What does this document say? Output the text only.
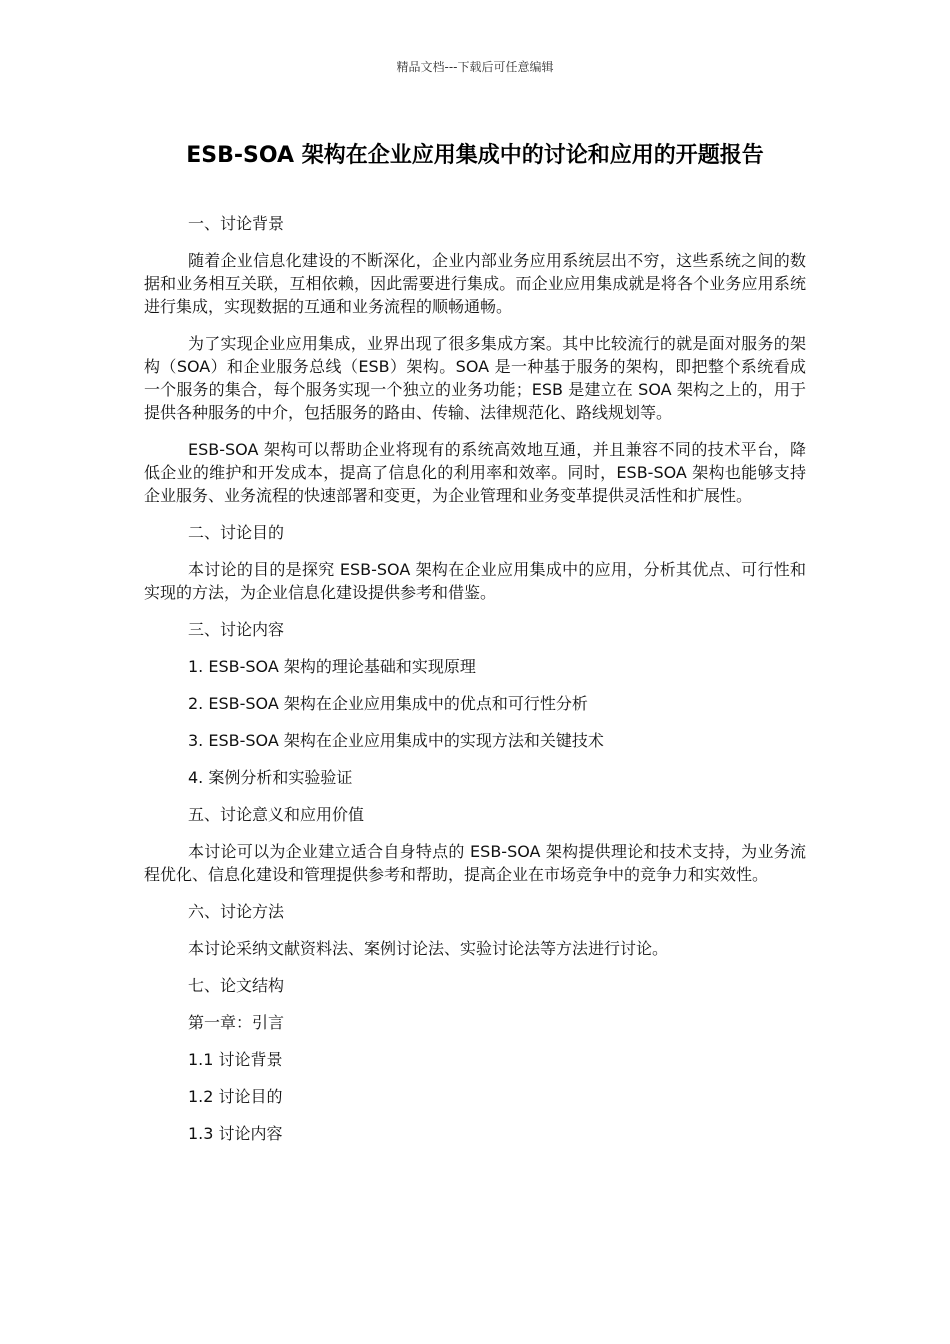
精品文档---下载后可任意编辑
ESB-SOA 架构在企业应用集成中的讨论和应用的开题报告

一、讨论背景

随着企业信息化建设的不断深化，企业内部业务应用系统层出不穷，这些系统之间的数据和业务相互关联，互相依赖，因此需要进行集成。而企业应用集成就是将各个业务应用系统进行集成，实现数据的互通和业务流程的顺畅通畅。

为了实现企业应用集成，业界出现了很多集成方案。其中比较流行的就是面对服务的架构（SOA）和企业服务总线（ESB）架构。SOA 是一种基于服务的架构，即把整个系统看成一个服务的集合，每个服务实现一个独立的业务功能；ESB 是建立在 SOA 架构之上的，用于提供各种服务的中介，包括服务的路由、传输、法律规范化、路线规划等。

ESB-SOA 架构可以帮助企业将现有的系统高效地互通，并且兼容不同的技术平台，降低企业的维护和开发成本，提高了信息化的利用率和效率。同时，ESB-SOA 架构也能够支持企业服务、业务流程的快速部署和变更，为企业管理和业务变革提供灵活性和扩展性。

二、讨论目的

本讨论的目的是探究 ESB-SOA 架构在企业应用集成中的应用，分析其优点、可行性和实现的方法，为企业信息化建设提供参考和借鉴。

三、讨论内容

1. ESB-SOA 架构的理论基础和实现原理

2. ESB-SOA 架构在企业应用集成中的优点和可行性分析

3. ESB-SOA 架构在企业应用集成中的实现方法和关键技术

4. 案例分析和实验验证

五、讨论意义和应用价值

本讨论可以为企业建立适合自身特点的 ESB-SOA 架构提供理论和技术支持，为业务流程优化、信息化建设和管理提供参考和帮助，提高企业在市场竞争中的竞争力和实效性。

六、讨论方法

本讨论采纳文献资料法、案例讨论法、实验讨论法等方法进行讨论。

七、论文结构

第一章：引言

1.1 讨论背景

1.2 讨论目的

1.3 讨论内容
